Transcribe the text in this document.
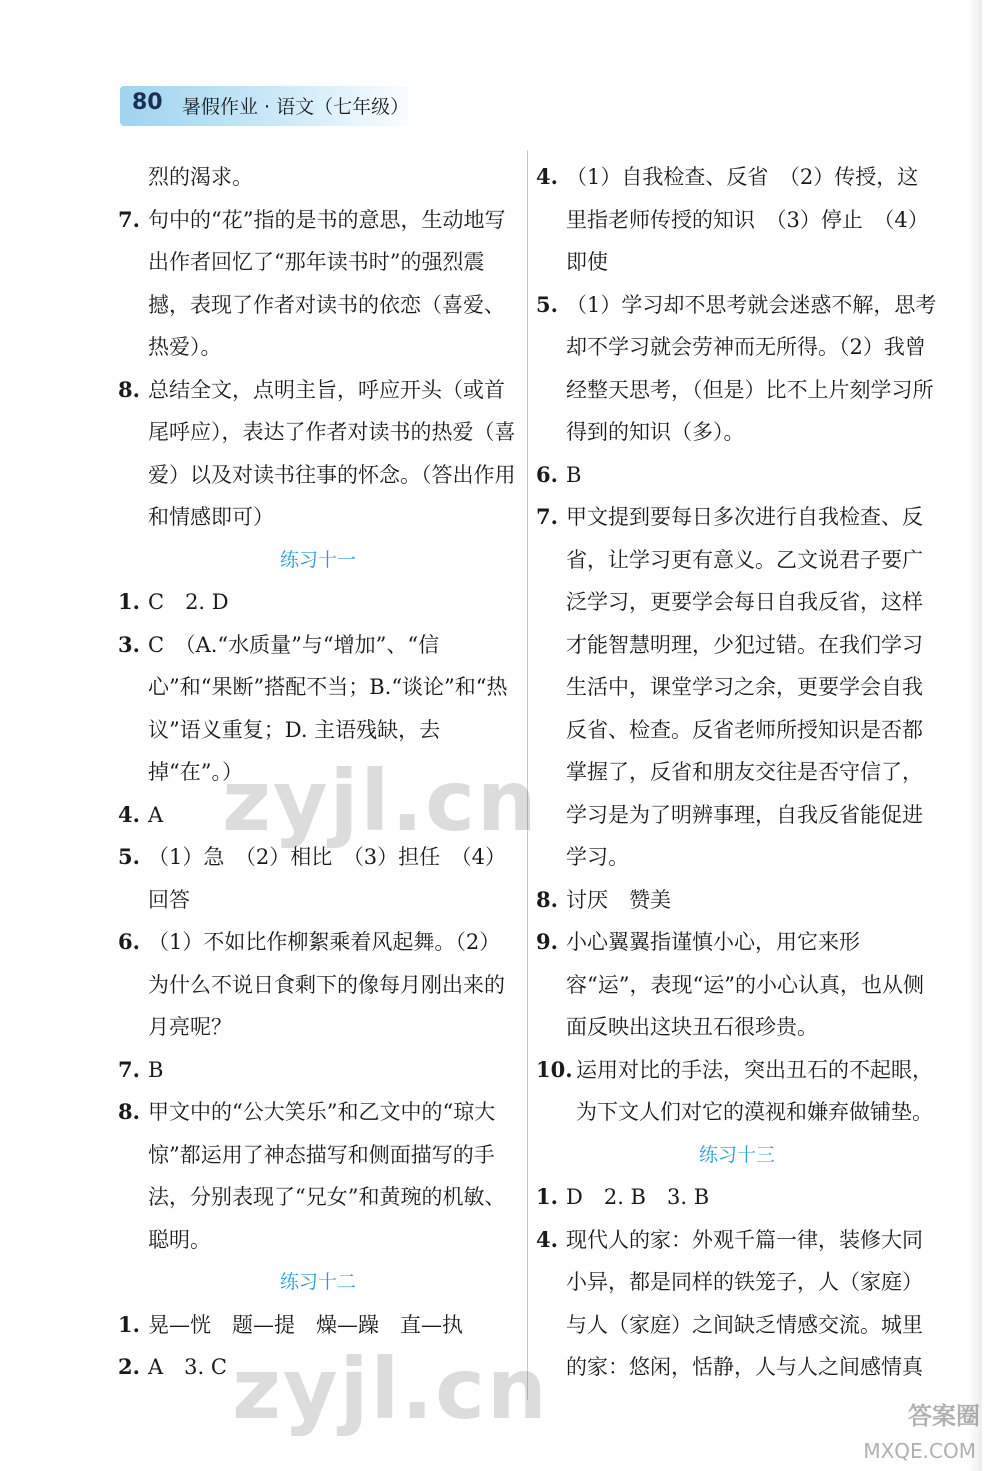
80 暑假作业 · 语文（七年级）
烈的渴求。
7. 句中的“花”指的是书的意思，生动地写出作者回忆了“那年读书时”的强烈震撼，表现了作者对读书的依恋（喜爱、热爱）。
8. 总结全文，点明主旨，呼应开头（或首尾呼应），表达了作者对读书的热爱（喜爱）以及对读书往事的怀念。（答出作用和情感即可）
练习十一
1. C　2. D
3. C　（A.“水质量”与“增加”、“信心”和“果断”搭配不当；B.“谈论”和“热议”语义重复；D. 主语残缺，去掉“在”。）
4. A
5. （1）急　（2）相比　（3）担任　（4）回答
6. （1）不如比作柳絮乘着风起舞。（2）为什么不说日食剩下的像每月刚出来的月亮呢？
7. B
8. 甲文中的“公大笑乐”和乙文中的“琼大惊”都运用了神态描写和侧面描写的手法，分别表现了“兄女”和黄琬的机敏、聪明。
练习十二
1. 晃—恍　题—提　燥—躁　直—执
2. A　3. C
4. （1）自我检查、反省　（2）传授，这里指老师传授的知识　（3）停止　（4）即使
5. （1）学习却不思考就会迷惑不解，思考却不学习就会劳神而无所得。（2）我曾经整天思考，（但是）比不上片刻学习所得到的知识（多）。
6. B
7. 甲文提到要每日多次进行自我检查、反省，让学习更有意义。乙文说君子要广泛学习，更要学会每日自我反省，这样才能智慧明理，少犯过错。在我们学习生活中，课堂学习之余，更要学会自我反省、检查。反省老师所授知识是否都掌握了，反省和朋友交往是否守信了，学习是为了明辨事理，自我反省能促进学习。
8. 讨厌　赞美
9. 小心翼翼指谨慎小心，用它来形容“运”，表现“运”的小心认真，也从侧面反映出这块丑石很珍贵。
10. 运用对比的手法，突出丑石的不起眼，为下文人们对它的漠视和嫌弃做铺垫。
练习十三
1. D　2. B　3. B
4. 现代人的家：外观千篇一律，装修大同小异，都是同样的铁笼子，人（家庭）与人（家庭）之间缺乏情感交流。城里的家：悠闲，恬静，人与人之间感情真
zyjl.cn
zyjl.cn	答案圈
MXQE.COM
